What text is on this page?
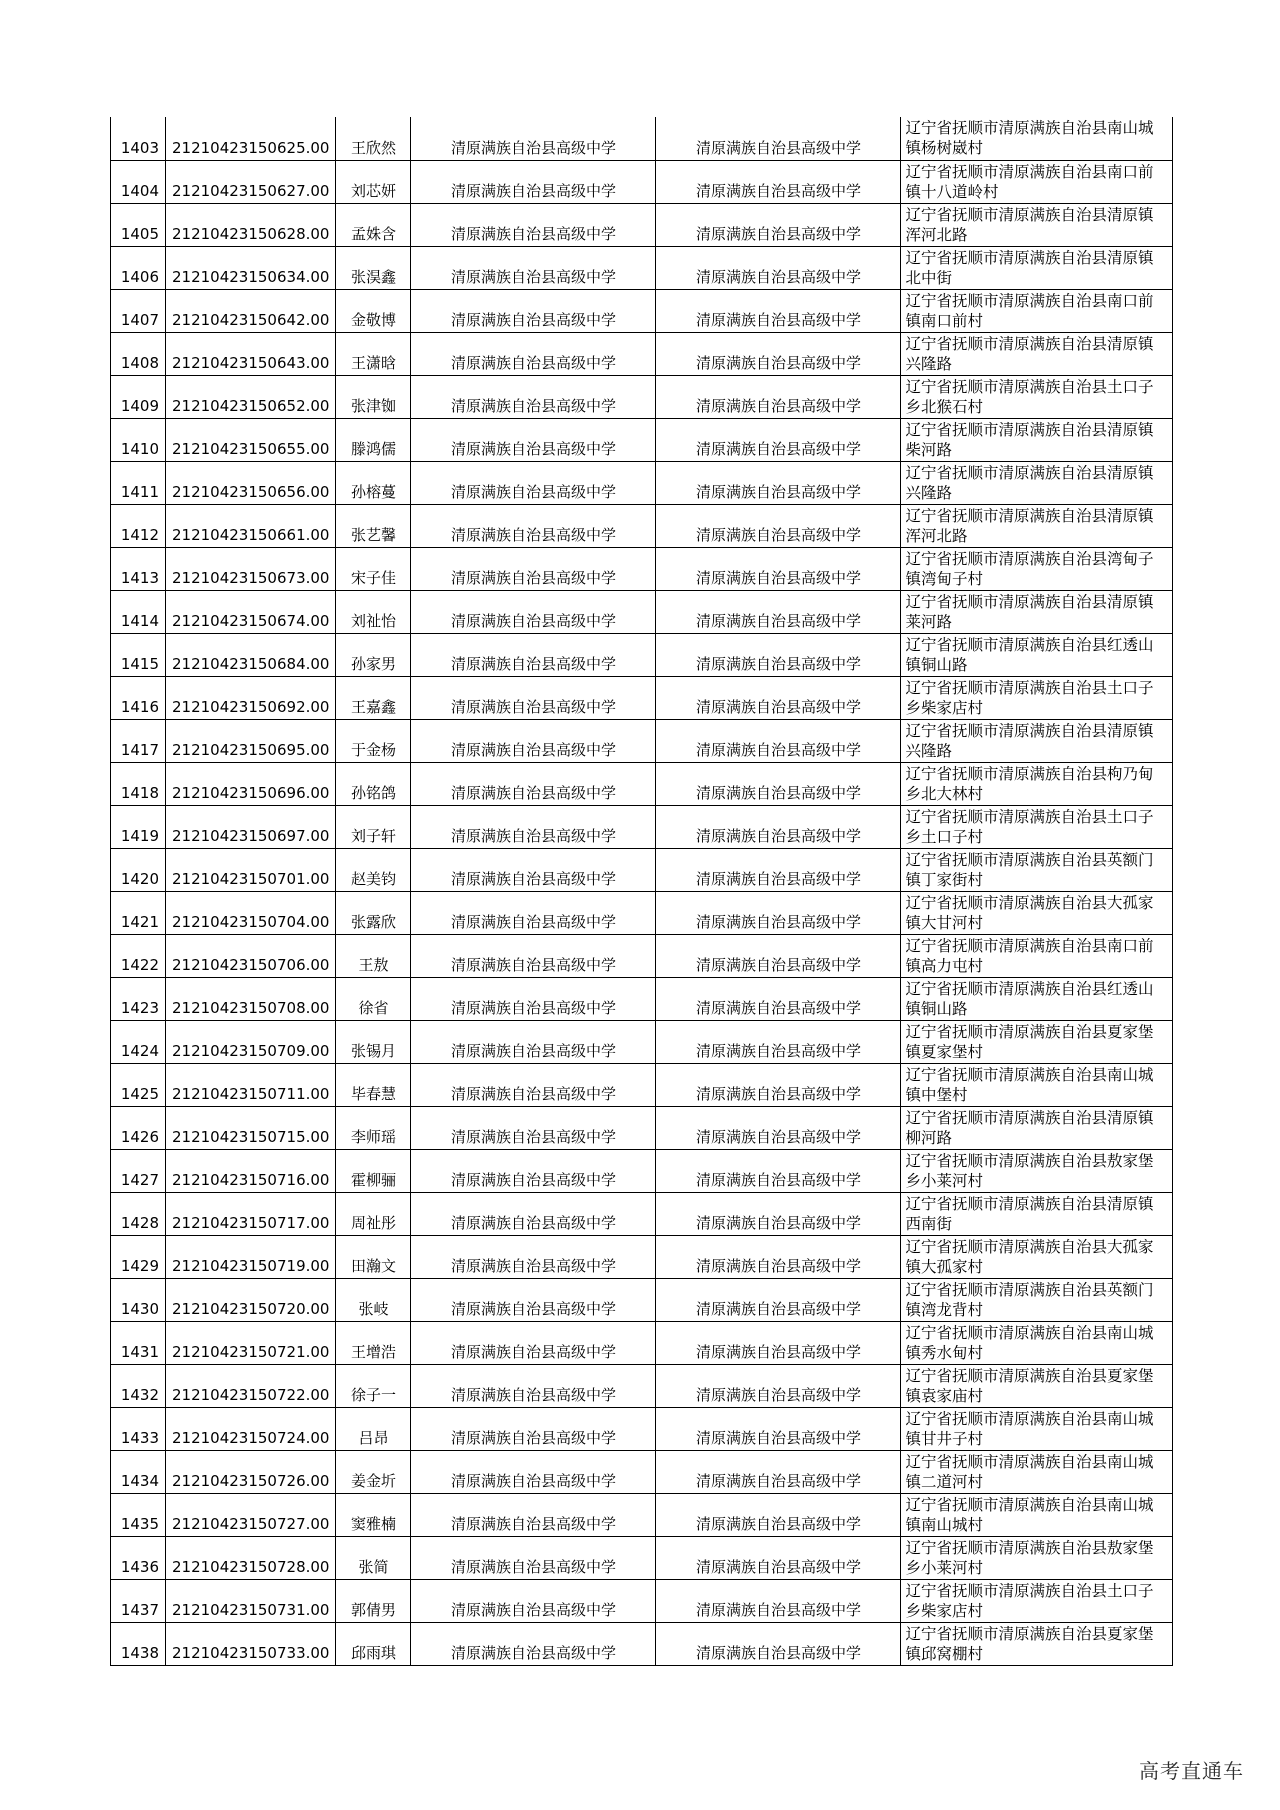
1403	21210423150625.00	王欣然	清原满族自治县高级中学	清原满族自治县高级中学	辽宁省抚顺市清原满族自治县南山城
镇杨树崴村

1404	21210423150627.00	刘芯妍	清原满族自治县高级中学	清原满族自治县高级中学	辽宁省抚顺市清原满族自治县南口前
镇十八道岭村

1405	21210423150628.00	孟姝含	清原满族自治县高级中学	清原满族自治县高级中学	辽宁省抚顺市清原满族自治县清原镇
浑河北路

1406	21210423150634.00	张淏鑫	清原满族自治县高级中学	清原满族自治县高级中学	辽宁省抚顺市清原满族自治县清原镇
北中街

1407	21210423150642.00	金敬博	清原满族自治县高级中学	清原满族自治县高级中学	辽宁省抚顺市清原满族自治县南口前
镇南口前村

1408	21210423150643.00	王潇晗	清原满族自治县高级中学	清原满族自治县高级中学	辽宁省抚顺市清原满族自治县清原镇
兴隆路

1409	21210423150652.00	张津铷	清原满族自治县高级中学	清原满族自治县高级中学	辽宁省抚顺市清原满族自治县土口子
乡北猴石村

1410	21210423150655.00	滕鸿儒	清原满族自治县高级中学	清原满族自治县高级中学	辽宁省抚顺市清原满族自治县清原镇
柴河路

1411	21210423150656.00	孙榕蔓	清原满族自治县高级中学	清原满族自治县高级中学	辽宁省抚顺市清原满族自治县清原镇
兴隆路

1412	21210423150661.00	张艺馨	清原满族自治县高级中学	清原满族自治县高级中学	辽宁省抚顺市清原满族自治县清原镇
浑河北路

1413	21210423150673.00	宋子佳	清原满族自治县高级中学	清原满族自治县高级中学	辽宁省抚顺市清原满族自治县湾甸子
镇湾甸子村

1414	21210423150674.00	刘祉怡	清原满族自治县高级中学	清原满族自治县高级中学	辽宁省抚顺市清原满族自治县清原镇
莱河路

1415	21210423150684.00	孙家男	清原满族自治县高级中学	清原满族自治县高级中学	辽宁省抚顺市清原满族自治县红透山
镇铜山路

1416	21210423150692.00	王嘉鑫	清原满族自治县高级中学	清原满族自治县高级中学	辽宁省抚顺市清原满族自治县土口子
乡柴家店村

1417	21210423150695.00	于金杨	清原满族自治县高级中学	清原满族自治县高级中学	辽宁省抚顺市清原满族自治县清原镇
兴隆路

1418	21210423150696.00	孙铭鸽	清原满族自治县高级中学	清原满族自治县高级中学	辽宁省抚顺市清原满族自治县枸乃甸
乡北大林村

1419	21210423150697.00	刘子轩	清原满族自治县高级中学	清原满族自治县高级中学	辽宁省抚顺市清原满族自治县土口子
乡土口子村

1420	21210423150701.00	赵美钧	清原满族自治县高级中学	清原满族自治县高级中学	辽宁省抚顺市清原满族自治县英额门
镇丁家街村

1421	21210423150704.00	张露欣	清原满族自治县高级中学	清原满族自治县高级中学	辽宁省抚顺市清原满族自治县大孤家
镇大甘河村

1422	21210423150706.00	王敖	清原满族自治县高级中学	清原满族自治县高级中学	辽宁省抚顺市清原满族自治县南口前
镇高力屯村

1423	21210423150708.00	徐省	清原满族自治县高级中学	清原满族自治县高级中学	辽宁省抚顺市清原满族自治县红透山
镇铜山路

1424	21210423150709.00	张锡月	清原满族自治县高级中学	清原满族自治县高级中学	辽宁省抚顺市清原满族自治县夏家堡
镇夏家堡村

1425	21210423150711.00	毕春慧	清原满族自治县高级中学	清原满族自治县高级中学	辽宁省抚顺市清原满族自治县南山城
镇中堡村

1426	21210423150715.00	李师瑶	清原满族自治县高级中学	清原满族自治县高级中学	辽宁省抚顺市清原满族自治县清原镇
柳河路

1427	21210423150716.00	霍柳骊	清原满族自治县高级中学	清原满族自治县高级中学	辽宁省抚顺市清原满族自治县敖家堡
乡小莱河村

1428	21210423150717.00	周祉彤	清原满族自治县高级中学	清原满族自治县高级中学	辽宁省抚顺市清原满族自治县清原镇
西南街

1429	21210423150719.00	田瀚文	清原满族自治县高级中学	清原满族自治县高级中学	辽宁省抚顺市清原满族自治县大孤家
镇大孤家村

1430	21210423150720.00	张岐	清原满族自治县高级中学	清原满族自治县高级中学	辽宁省抚顺市清原满族自治县英额门
镇湾龙背村

1431	21210423150721.00	王增浩	清原满族自治县高级中学	清原满族自治县高级中学	辽宁省抚顺市清原满族自治县南山城
镇秀水甸村

1432	21210423150722.00	徐子一	清原满族自治县高级中学	清原满族自治县高级中学	辽宁省抚顺市清原满族自治县夏家堡
镇袁家庙村

1433	21210423150724.00	吕昂	清原满族自治县高级中学	清原满族自治县高级中学	辽宁省抚顺市清原满族自治县南山城
镇甘井子村

1434	21210423150726.00	姜金圻	清原满族自治县高级中学	清原满族自治县高级中学	辽宁省抚顺市清原满族自治县南山城
镇二道河村

1435	21210423150727.00	窦雅楠	清原满族自治县高级中学	清原满族自治县高级中学	辽宁省抚顺市清原满族自治县南山城
镇南山城村

1436	21210423150728.00	张简	清原满族自治县高级中学	清原满族自治县高级中学	辽宁省抚顺市清原满族自治县敖家堡
乡小莱河村

1437	21210423150731.00	郭倩男	清原满族自治县高级中学	清原满族自治县高级中学	辽宁省抚顺市清原满族自治县土口子
乡柴家店村

1438	21210423150733.00	邱雨琪	清原满族自治县高级中学	清原满族自治县高级中学	辽宁省抚顺市清原满族自治县夏家堡
镇邱窝棚村
高考直通车
